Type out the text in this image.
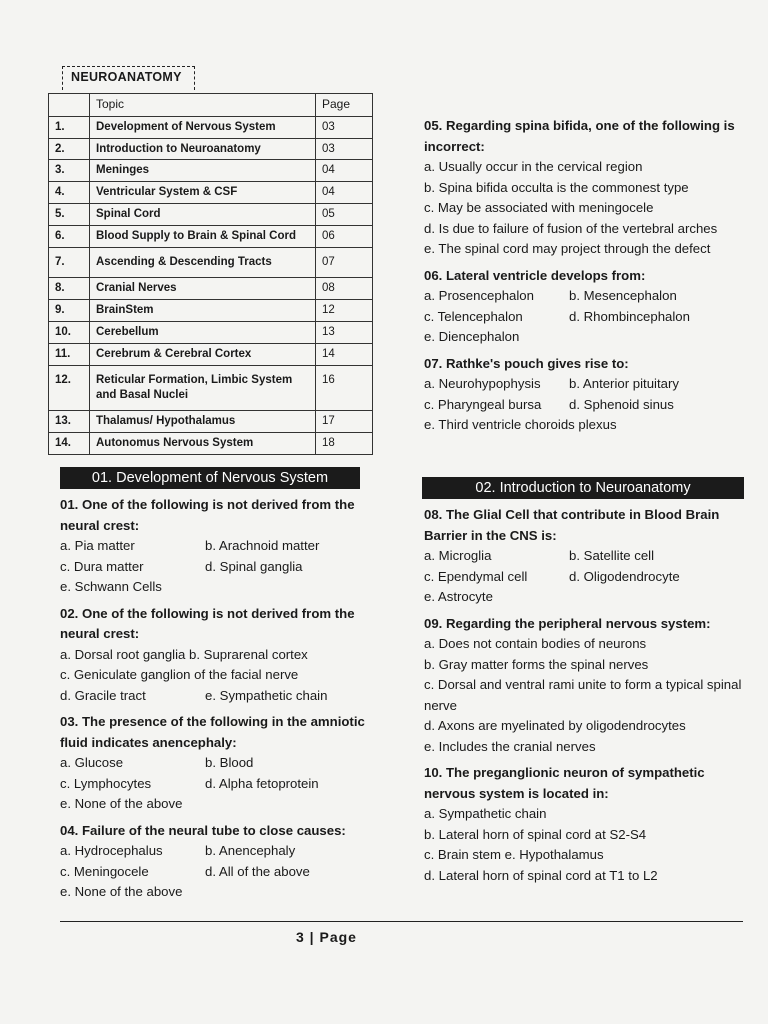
NEUROANATOMY
	Topic	Page
1.	Development of Nervous System	03
2.	Introduction to Neuroanatomy	03
3.	Meninges	04
4.	Ventricular System & CSF	04
5.	Spinal Cord	05
6.	Blood Supply to Brain & Spinal Cord	06
7.	Ascending & Descending Tracts	07
8.	Cranial Nerves	08
9.	BrainStem	12
10.	Cerebellum	13
11.	Cerebrum & Cerebral Cortex	14
12.	Reticular Formation, Limbic System and Basal Nuclei	16
13.	Thalamus/ Hypothalamus	17
14.	Autonomus Nervous System	18
01. Development of Nervous System
01. One of the following is not derived from the neural crest:
a. Pia matter	b. Arachnoid matter
c. Dura matter	d. Spinal ganglia
e. Schwann Cells
02. One of the following is not derived from the neural crest:
a. Dorsal root ganglia b. Suprarenal cortex
c. Geniculate ganglion of the facial nerve
d. Gracile tract	e. Sympathetic chain
03. The presence of the following in the amniotic fluid indicates anencephaly:
a. Glucose	b. Blood
c. Lymphocytes	d. Alpha fetoprotein
e. None of the above
04. Failure of the neural tube to close causes:
a. Hydrocephalus	b. Anencephaly
c. Meningocele	d. All of the above
e. None of the above
05. Regarding spina bifida, one of the following is incorrect:
a. Usually occur in the cervical region
b. Spina bifida occulta is the commonest type
c. May be associated with meningocele
d. Is due to failure of fusion of the vertebral arches
e. The spinal cord may project through the defect
06. Lateral ventricle develops from:
a. Prosencephalon	b. Mesencephalon
c. Telencephalon	d. Rhombincephalon
e. Diencephalon
07. Rathke's pouch gives rise to:
a. Neurohypophysis	b. Anterior pituitary
c. Pharyngeal bursa	d. Sphenoid sinus
e. Third ventricle choroids plexus
02. Introduction to Neuroanatomy
08. The Glial Cell that contribute in Blood Brain Barrier in the CNS is:
a. Microglia	b. Satellite cell
c. Ependymal cell	d. Oligodendrocyte
e. Astrocyte
09. Regarding the peripheral nervous system:
a. Does not contain bodies of neurons
b. Gray matter forms the spinal nerves
c. Dorsal and ventral rami unite to form a typical spinal nerve
d. Axons are myelinated by oligodendrocytes
e. Includes the cranial nerves
10. The preganglionic neuron of sympathetic nervous system is located in:
a. Sympathetic chain
b. Lateral horn of spinal cord at S2-S4
c. Brain stem e. Hypothalamus
d. Lateral horn of spinal cord at T1 to L2
3 | Page
